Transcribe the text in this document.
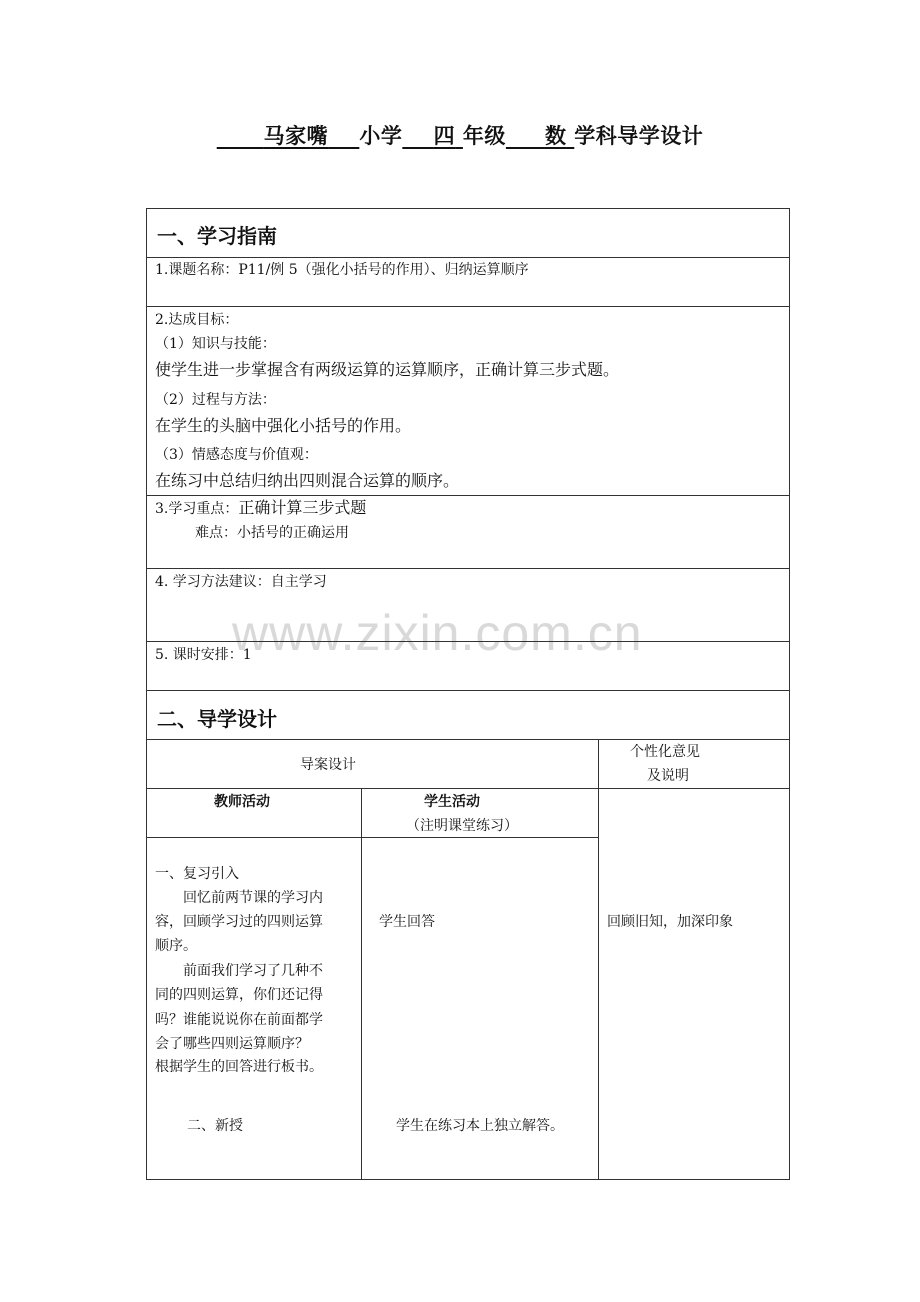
马家嘴 小学 四 年级 数 学科导学设计
www.zixin.com.cn
一、学习指南
1.课题名称：P11/例 5（强化小括号的作用）、归纳运算顺序
2.达成目标：
（1）知识与技能：
使学生进一步掌握含有两级运算的运算顺序，正确计算三步式题。
（2）过程与方法：
在学生的头脑中强化小括号的作用。
（3）情感态度与价值观：
在练习中总结归纳出四则混合运算的顺序。
3.学习重点：正确计算三步式题
难点：小括号的正确运用
4. 学习方法建议：自主学习
5. 课时安排：1
二、导学设计
导案设计
个性化意见
及说明
教师活动	学生活动
（注明课堂练习）
一、复习引入
　　回忆前两节课的学习内
容，回顾学习过的四则运算
顺序。
　　前面我们学习了几种不
同的四则运算，你们还记得
吗？谁能说说你在前面都学
会了哪些四则运算顺序？
根据学生的回答进行板书。
二、新授
学生回答
学生在练习本上独立解答。
回顾旧知，加深印象
